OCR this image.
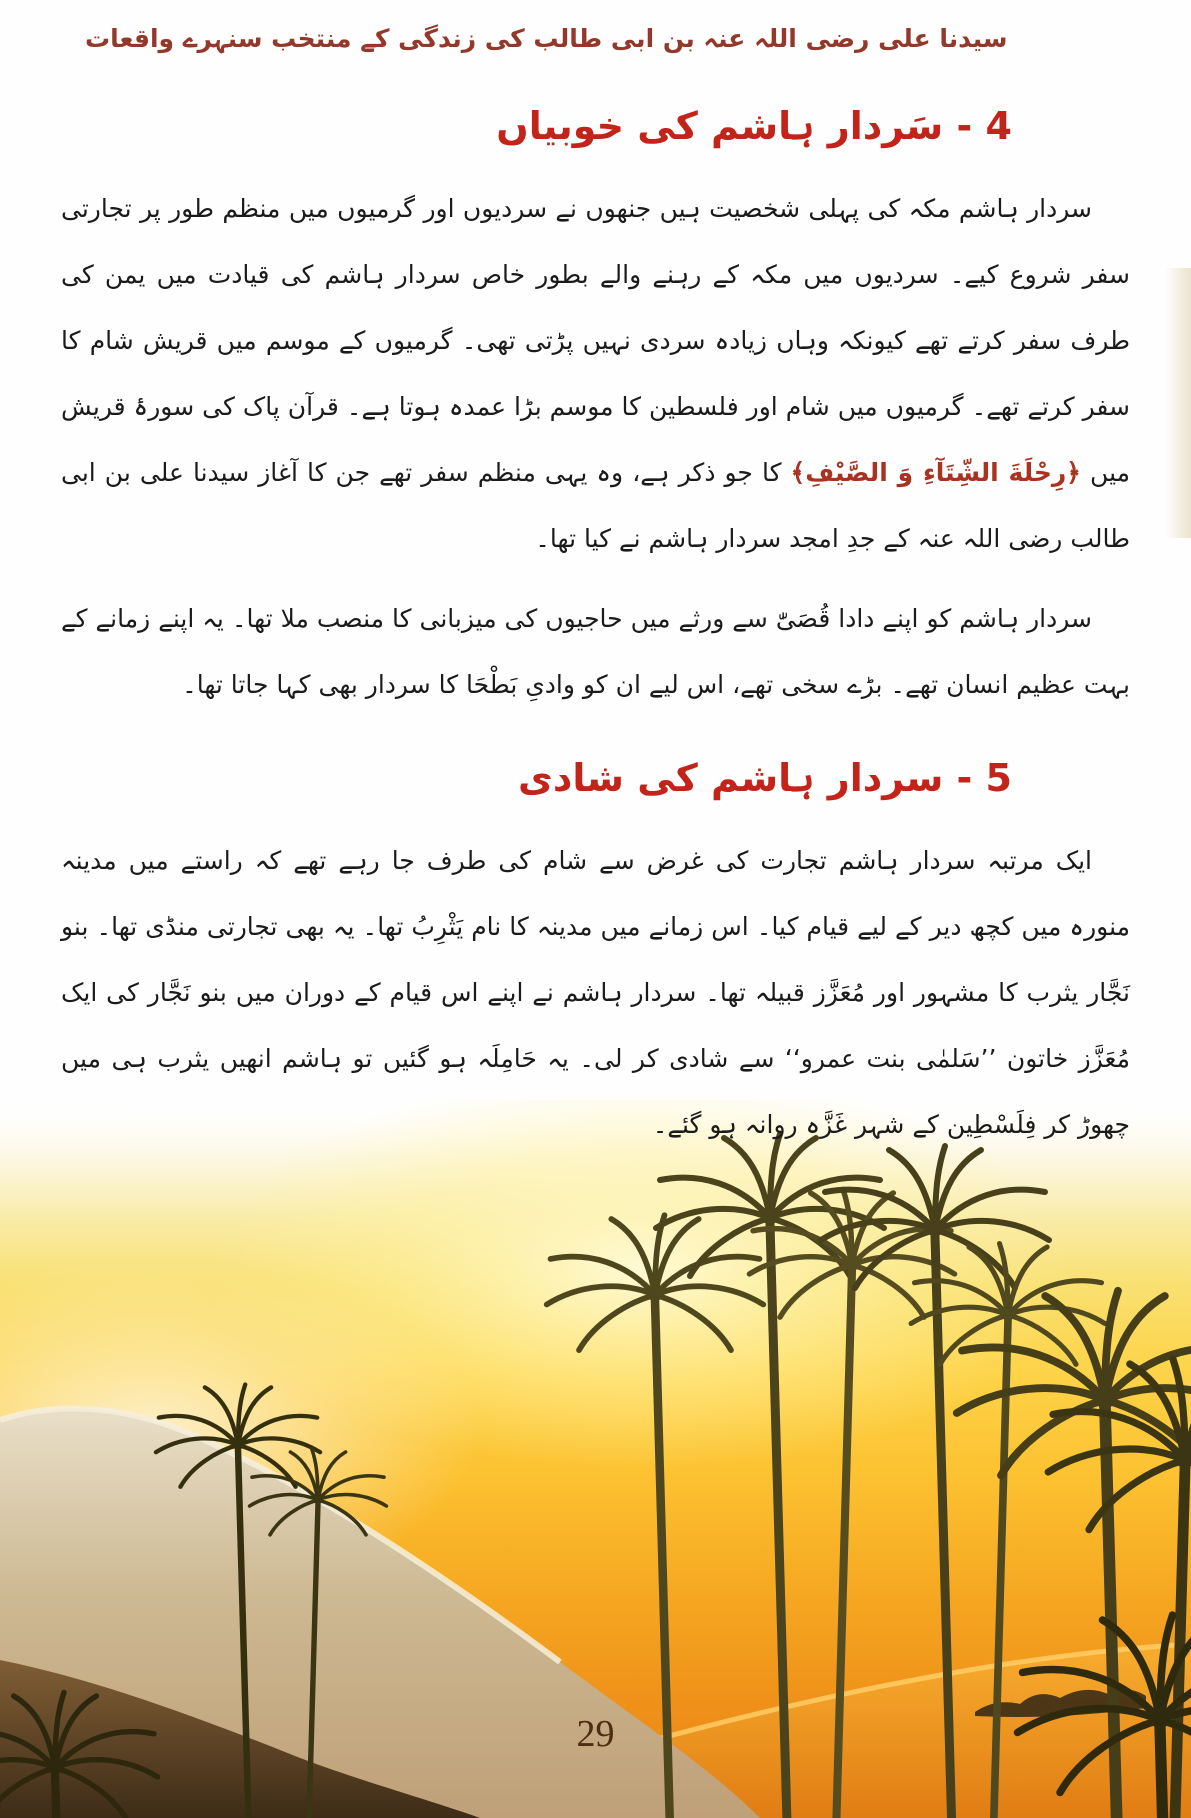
سیدنا علی رضی اللہ عنہ بن ابی طالب کی زندگی کے منتخب سنہرے واقعات
4 - سَردار ہاشم کی خوبیاں

سردار ہاشم مکہ کی پہلی شخصیت ہیں جنھوں نے سردیوں اور گرمیوں میں منظم طور پر تجارتی سفر شروع کیے۔ سردیوں میں مکہ کے رہنے والے بطور خاص سردار ہاشم کی قیادت میں یمن کی طرف سفر کرتے تھے کیونکہ وہاں زیادہ سردی نہیں پڑتی تھی۔ گرمیوں کے موسم میں قریش شام کا سفر کرتے تھے۔ گرمیوں میں شام اور فلسطین کا موسم بڑا عمدہ ہوتا ہے۔ قرآن پاک کی سورۂ قریش میں ﴿رِحْلَةَ الشِّتَآءِ وَ الصَّيْفِ﴾ کا جو ذکر ہے، وہ یہی منظم سفر تھے جن کا آغاز سیدنا علی بن ابی طالب رضی اللہ عنہ کے جدِ امجد سردار ہاشم نے کیا تھا۔

سردار ہاشم کو اپنے دادا قُصَیّٰ سے ورثے میں حاجیوں کی میزبانی کا منصب ملا تھا۔ یہ اپنے زمانے کے بہت عظیم انسان تھے۔ بڑے سخی تھے، اس لیے ان کو وادیِ بَطْحَا کا سردار بھی کہا جاتا تھا۔

5 - سردار ہاشم کی شادی

ایک مرتبہ سردار ہاشم تجارت کی غرض سے شام کی طرف جا رہے تھے کہ راستے میں مدینہ منورہ میں کچھ دیر کے لیے قیام کیا۔ اس زمانے میں مدینہ کا نام یَثْرِبُ تھا۔ یہ بھی تجارتی منڈی تھا۔ بنو نَجَّار یثرب کا مشہور اور مُعَزَّز قبیلہ تھا۔ سردار ہاشم نے اپنے اس قیام کے دوران میں بنو نَجَّار کی ایک مُعَزَّز خاتون ’’سَلمٰی بنت عمرو‘‘ سے شادی کر لی۔ یہ حَامِلَہ ہو گئیں تو ہاشم انھیں یثرب ہی میں چھوڑ کر فِلَسْطِین کے شہر غَزَّہ روانہ ہو گئے۔

29
